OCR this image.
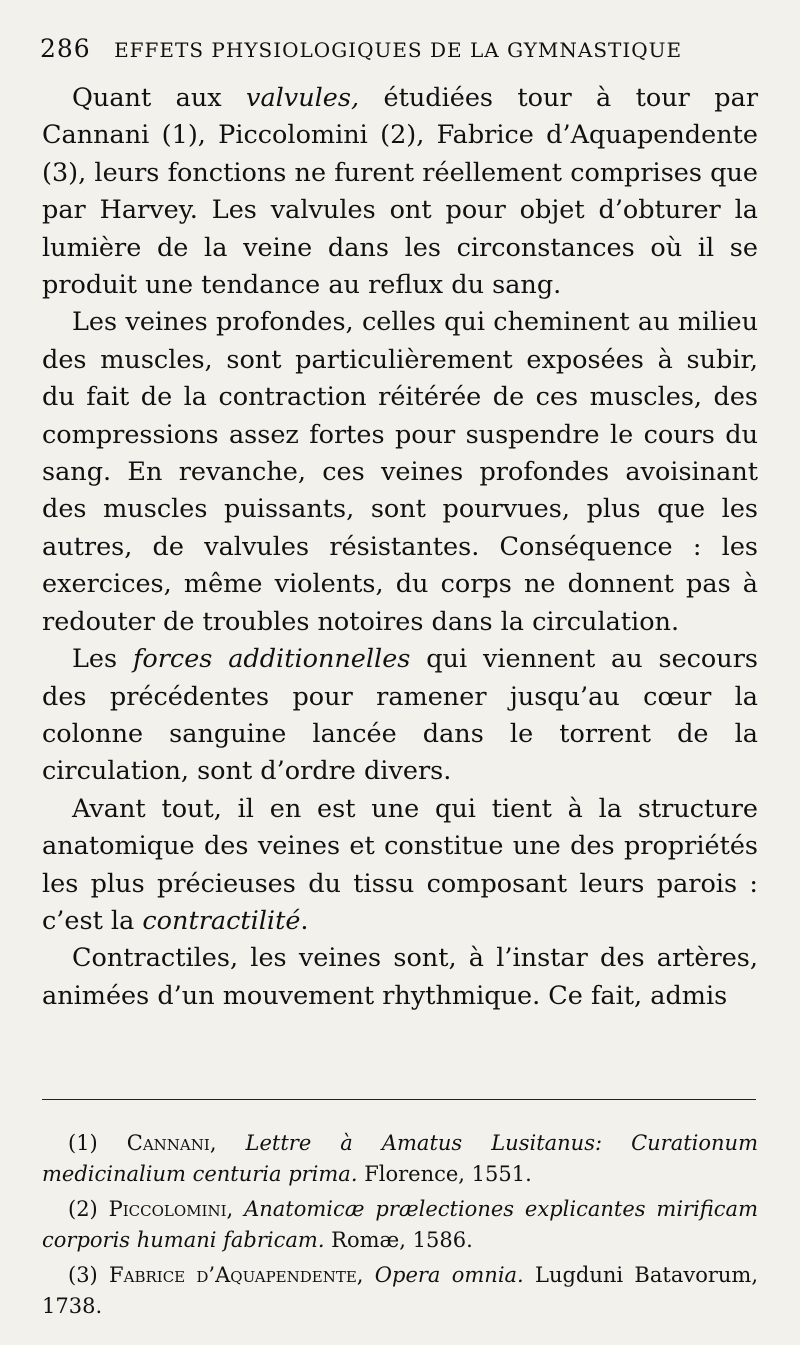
286 EFFETS PHYSIOLOGIQUES DE LA GYMNASTIQUE

Quant aux valvules, étudiées tour à tour par Cannani (1), Piccolomini (2), Fabrice d’Aquapendente (3), leurs fonctions ne furent réellement comprises que par Harvey. Les valvules ont pour objet d’obturer la lumière de la veine dans les circonstances où il se produit une tendance au reflux du sang.

Les veines profondes, celles qui cheminent au milieu des muscles, sont particulièrement exposées à subir, du fait de la contraction réitérée de ces muscles, des compressions assez fortes pour suspendre le cours du sang. En revanche, ces veines profondes avoisinant des muscles puissants, sont pourvues, plus que les autres, de valvules résistantes. Conséquence : les exercices, même violents, du corps ne donnent pas à redouter de troubles notoires dans la circulation.

Les forces additionnelles qui viennent au secours des précédentes pour ramener jusqu’au cœur la colonne sanguine lancée dans le torrent de la circulation, sont d’ordre divers.

Avant tout, il en est une qui tient à la structure anatomique des veines et constitue une des propriétés les plus précieuses du tissu composant leurs parois : c’est la contractilité.

Contractiles, les veines sont, à l’instar des artères, animées d’un mouvement rhythmique. Ce fait, admis

(1) Cannani, Lettre à Amatus Lusitanus: Curationum medicinalium centuria prima. Florence, 1551.

(2) Piccolomini, Anatomicæ prælectiones explicantes mirificam corporis humani fabricam. Romæ, 1586.

(3) Fabrice d’Aquapendente, Opera omnia. Lugduni Batavorum, 1738.
